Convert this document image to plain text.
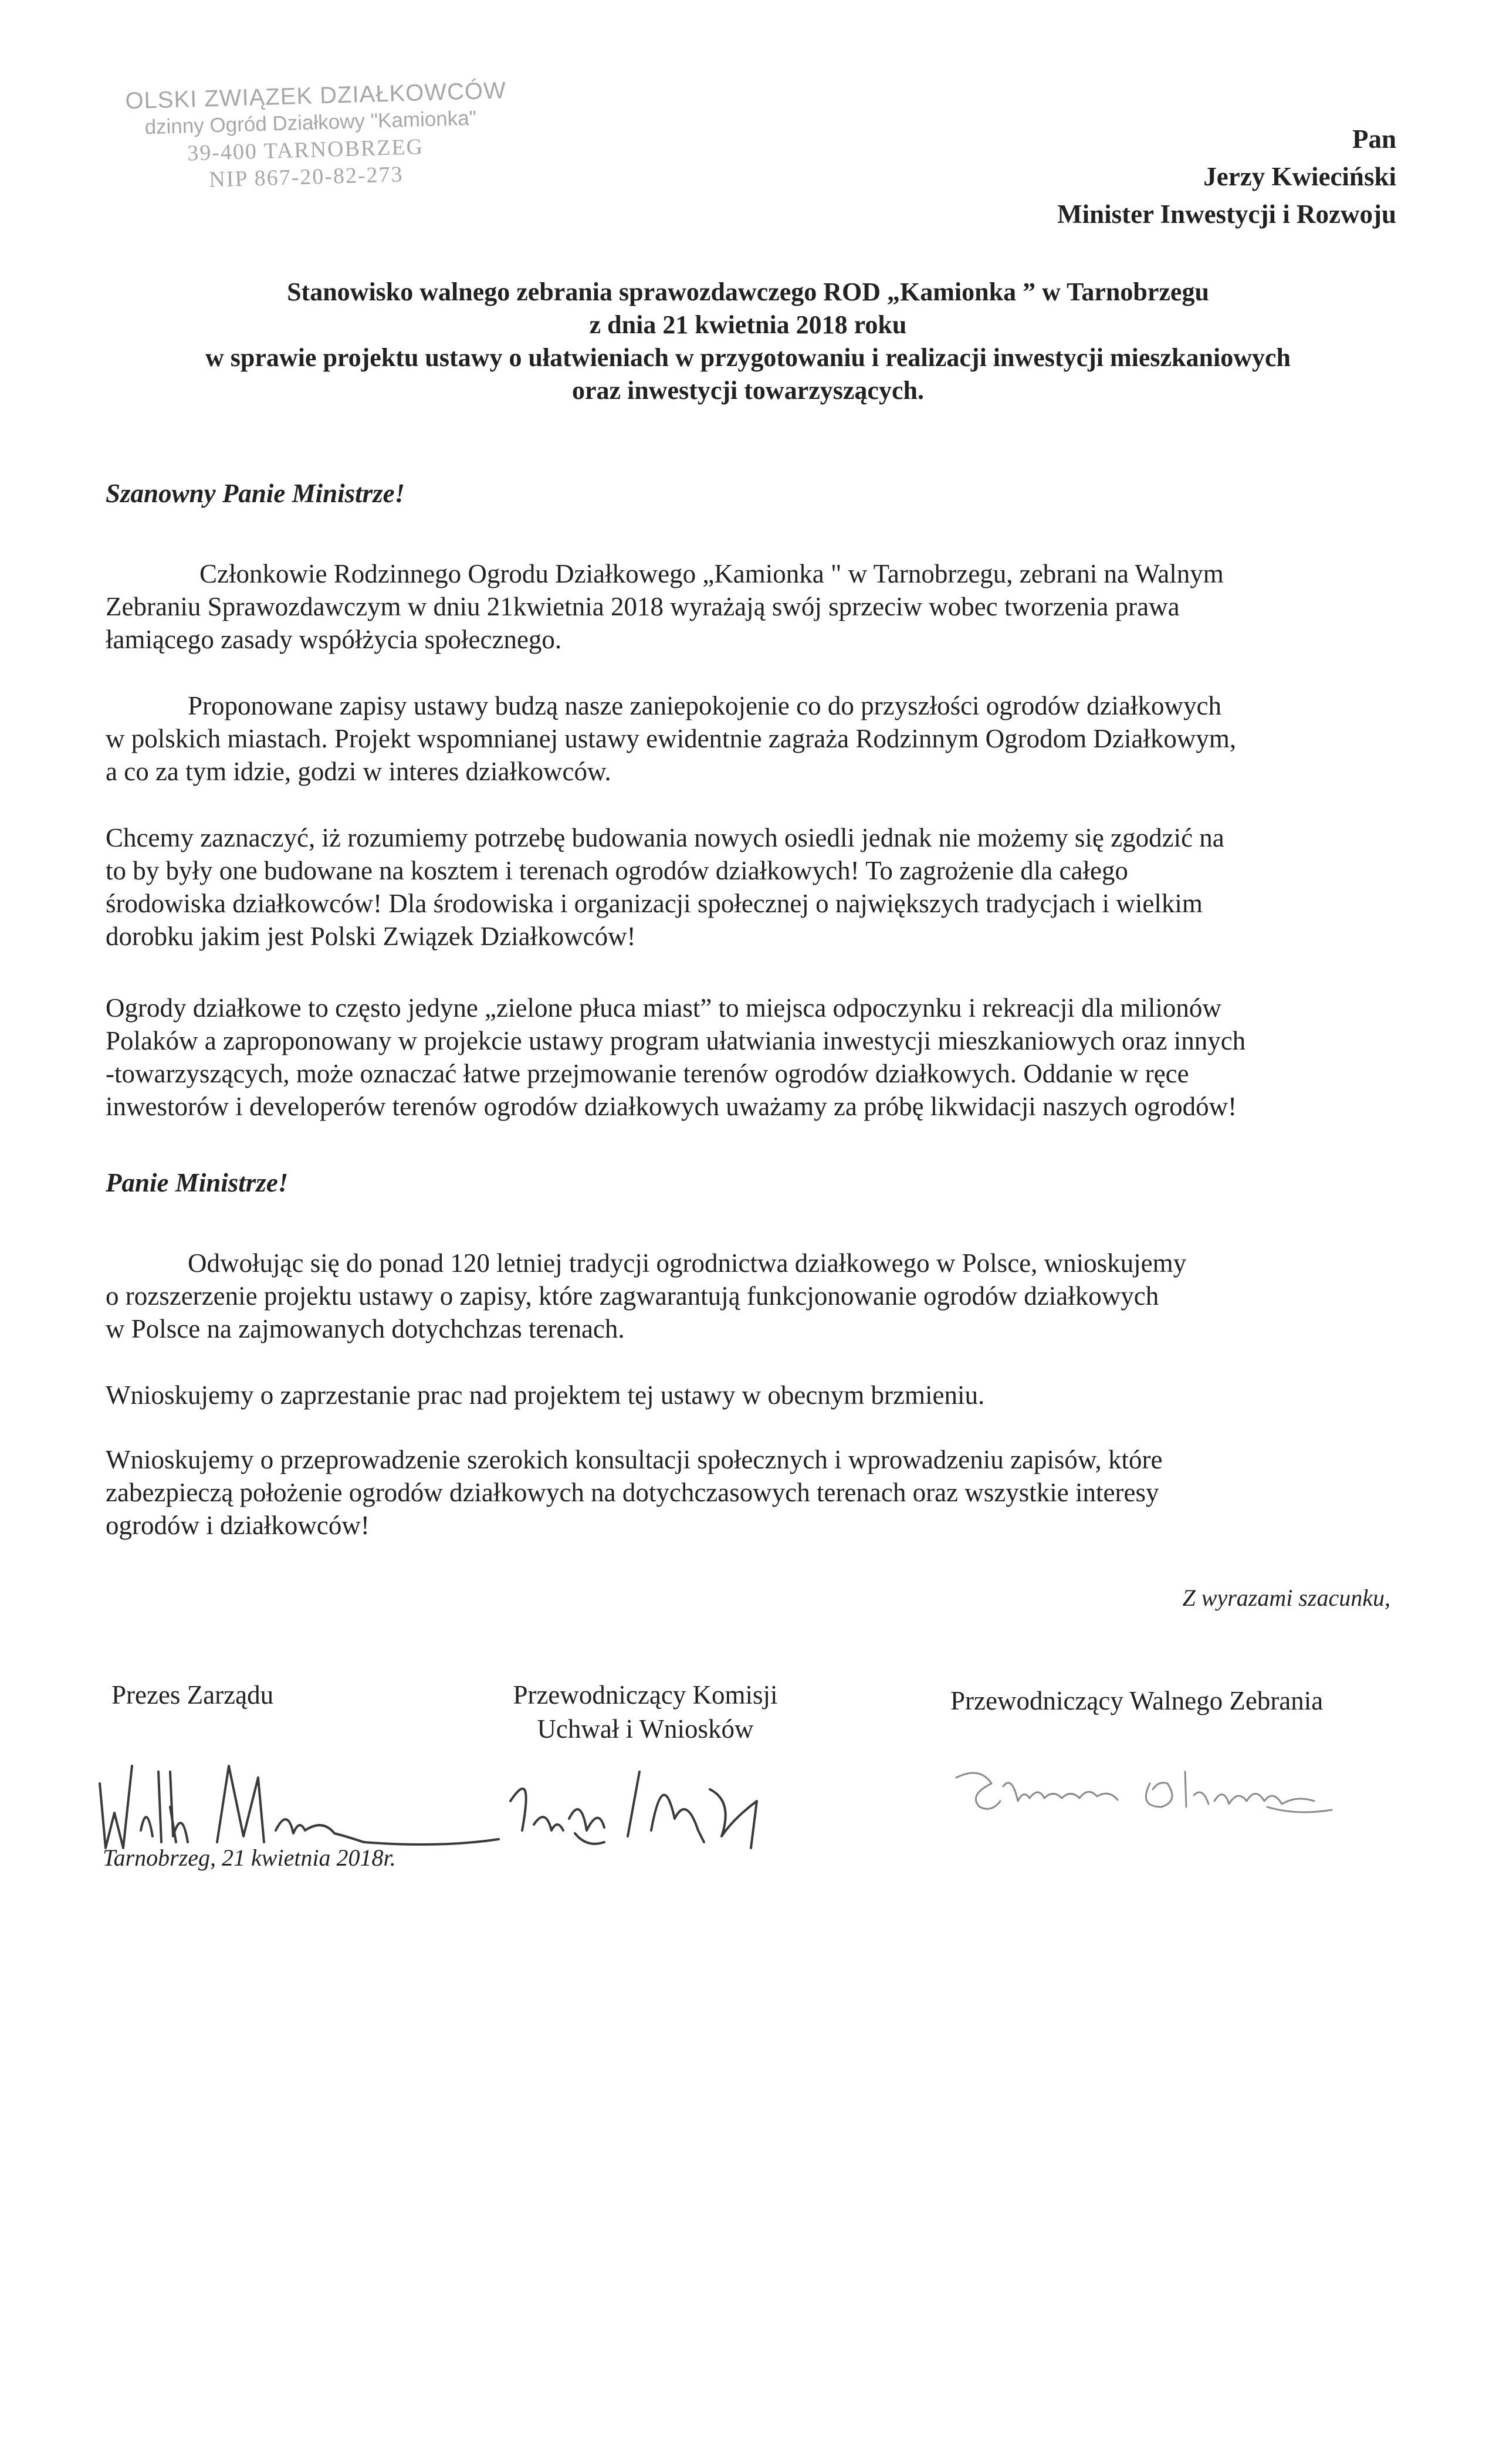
OLSKI ZWIĄZEK DZIAŁKOWCÓW
dzinny Ogród Działkowy "Kamionka"
39-400 TARNOBRZEG
NIP 867-20-82-273
Pan
Jerzy Kwieciński
Minister Inwestycji i Rozwoju
Stanowisko walnego zebrania sprawozdawczego ROD „Kamionka ” w Tarnobrzegu
z dnia 21 kwietnia 2018 roku
w sprawie projektu ustawy o ułatwieniach w przygotowaniu i realizacji inwestycji mieszkaniowych
oraz inwestycji towarzyszących.
Szanowny Panie Ministrze!
Członkowie Rodzinnego Ogrodu Działkowego „Kamionka " w Tarnobrzegu, zebrani na Walnym
Zebraniu Sprawozdawczym w dniu 21kwietnia 2018 wyrażają swój sprzeciw wobec tworzenia prawa
łamiącego zasady współżycia społecznego.
Proponowane zapisy ustawy budzą nasze zaniepokojenie co do przyszłości ogrodów działkowych
w polskich miastach. Projekt wspomnianej ustawy ewidentnie zagraża Rodzinnym Ogrodom Działkowym,
a co za tym idzie, godzi w interes działkowców.
Chcemy zaznaczyć, iż rozumiemy potrzebę budowania nowych osiedli jednak nie możemy się zgodzić na
to by były one budowane na kosztem i terenach ogrodów działkowych! To zagrożenie dla całego
środowiska działkowców! Dla środowiska i organizacji społecznej o największych tradycjach i wielkim
dorobku jakim jest Polski Związek Działkowców!
Ogrody działkowe to często jedyne „zielone płuca miast” to miejsca odpoczynku i rekreacji dla milionów
Polaków a zaproponowany w projekcie ustawy program ułatwiania inwestycji mieszkaniowych oraz innych
-towarzyszących, może oznaczać łatwe przejmowanie terenów ogrodów działkowych. Oddanie w ręce
inwestorów i developerów terenów ogrodów działkowych uważamy za próbę likwidacji naszych ogrodów!
Panie Ministrze!
Odwołując się do ponad 120 letniej tradycji ogrodnictwa działkowego w Polsce, wnioskujemy
o rozszerzenie projektu ustawy o zapisy, które zagwarantują funkcjonowanie ogrodów działkowych
w Polsce na zajmowanych dotychchzas terenach.
Wnioskujemy o zaprzestanie prac nad projektem tej ustawy w obecnym brzmieniu.
Wnioskujemy o przeprowadzenie szerokich konsultacji społecznych i wprowadzeniu zapisów, które
zabezpieczą położenie ogrodów działkowych na dotychczasowych terenach oraz wszystkie interesy
ogrodów i działkowców!
Z wyrazami szacunku,
Prezes Zarządu	Przewodniczący Komisji
Uchwał i Wniosków
Przewodniczący Walnego Zebrania
Tarnobrzeg, 21 kwietnia 2018r.
